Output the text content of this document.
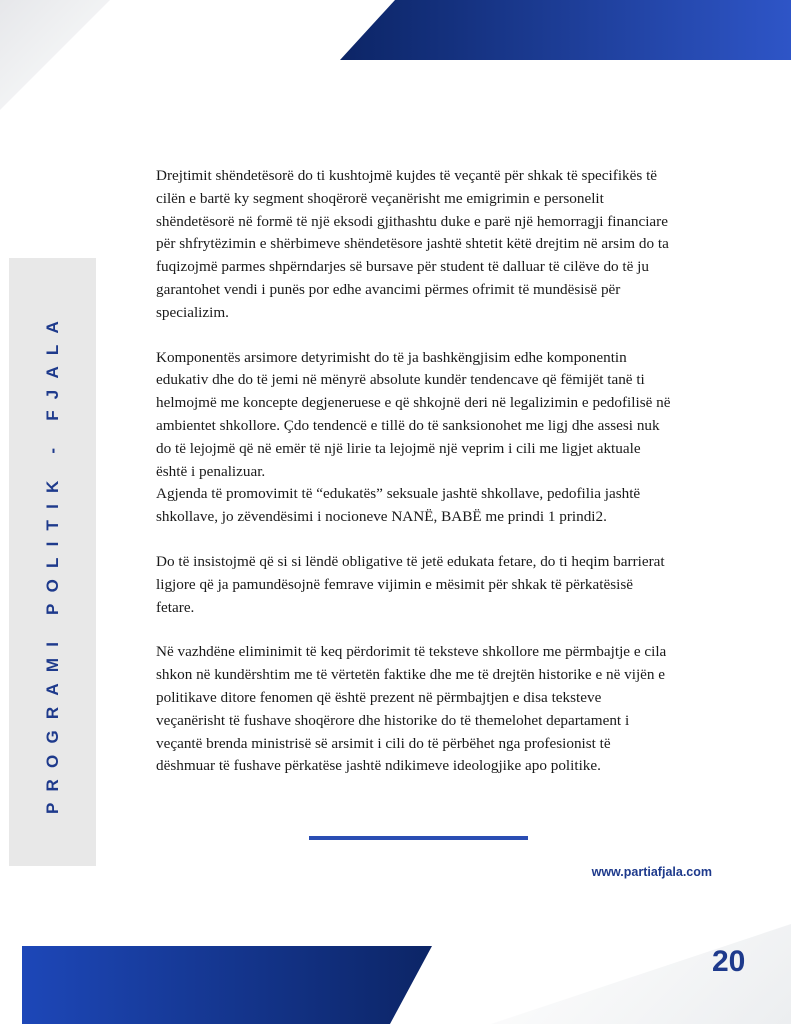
PROGRAMI POLITIK - FJALA

Drejtimit shëndetësorë do ti kushtojmë kujdes të veçantë për shkak të specifikës të cilën e bartë ky segment shoqërorë veçanërisht me emigrimin e personelit shëndetësorë në formë të një eksodi gjithashtu duke e parë një hemorragji financiare për shfrytëzimin e shërbimeve shëndetësore jashtë shtetit këtë drejtim në arsim do ta fuqizojmë parmes shpërndarjes së bursave për student të dalluar të cilëve do të ju garantohet vendi i punës por edhe avancimi përmes ofrimit të mundësisë për specializim.

Komponentës arsimore detyrimisht do të ja bashkëngjisim edhe komponentin edukativ dhe do të jemi në mënyrë absolute kundër tendencave që fëmijët tanë ti helmojmë me koncepte degjeneruese e që shkojnë deri në legalizimin e pedofilisë në ambientet shkollore. Çdo tendencë e tillë do të sanksionohet me ligj dhe assesi nuk do të lejojmë që në emër të një lirie ta lejojmë një veprim i cili me ligjet aktuale është i penalizuar.

Agjenda të promovimit të “edukatës” seksuale jashtë shkollave, pedofilia jashtë shkollave, jo zëvendësimi i nocioneve NANË, BABË me prindi 1 prindi2.

Do të insistojmë që si si lëndë obligative të jetë edukata fetare, do ti heqim barrierat ligjore që ja pamundësojnë femrave vijimin e mësimit për shkak të përkatësisë fetare.

Në vazhdëne eliminimit të keq përdorimit të teksteve shkollore me përmbajtje e cila shkon në kundërshtim me të vërtetën faktike dhe me të drejtën historike e në vijën e politikave ditore fenomen që është prezent në përmbajtjen e disa teksteve veçanërisht të fushave shoqërore dhe historike do të themelohet departament i veçantë brenda ministrisë së arsimit i cili do të përbëhet nga profesionist të dëshmuar të fushave përkatëse jashtë ndikimeve ideologjike apo politike.

www.partiafjala.com
20
